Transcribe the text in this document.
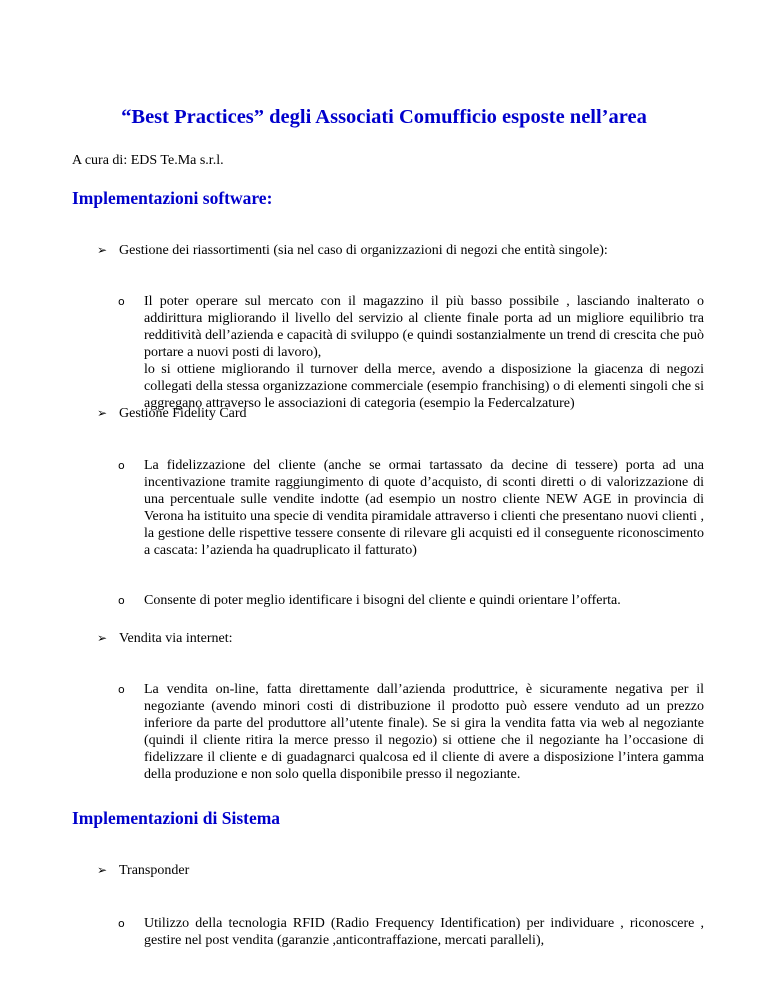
“Best Practices” degli Associati Comufficio esposte nell’area

A cura di: EDS Te.Ma s.r.l.

Implementazioni software:
➢ Gestione dei riassortimenti (sia nel caso di organizzazioni di negozi che entità singole):
o Il poter operare sul mercato con il magazzino il più basso possibile , lasciando inalterato o addirittura migliorando il livello del servizio al cliente finale porta ad un migliore equilibrio tra redditività dell’azienda e capacità di sviluppo (e quindi sostanzialmente un trend di crescita che può portare a nuovi posti di lavoro),
lo si ottiene migliorando il turnover della merce, avendo a disposizione la giacenza di negozi collegati della stessa organizzazione commerciale (esempio franchising) o di elementi singoli che si aggregano attraverso le associazioni di categoria (esempio la Federcalzature)
➢ Gestione Fidelity Card
o La fidelizzazione del cliente (anche se ormai tartassato da decine di tessere) porta ad una incentivazione tramite raggiungimento di quote d’acquisto, di sconti diretti o di valorizzazione di una percentuale sulle vendite indotte (ad esempio un nostro cliente NEW AGE in provincia di Verona ha istituito una specie di vendita piramidale attraverso i clienti che presentano nuovi clienti , la gestione delle rispettive tessere consente di rilevare gli acquisti ed il conseguente riconoscimento a cascata: l’azienda ha quadruplicato il fatturato)
o Consente di poter meglio identificare i bisogni del cliente e quindi orientare l’offerta.
➢ Vendita via internet:
o La vendita on-line, fatta direttamente dall’azienda produttrice, è sicuramente negativa per il negoziante (avendo minori costi di distribuzione il prodotto può essere venduto ad un prezzo inferiore da parte del produttore all’utente finale). Se si gira la vendita fatta via web al negoziante (quindi il cliente ritira la merce presso il negozio) si ottiene che il negoziante ha l’occasione di fidelizzare il cliente e di guadagnarci qualcosa ed il cliente di avere a disposizione l’intera gamma della produzione e non solo quella disponibile presso il negoziante.
Implementazioni di Sistema
➢ Transponder
o Utilizzo della tecnologia RFID (Radio Frequency Identification) per individuare , riconoscere , gestire nel post vendita (garanzie ,anticontraffazione, mercati paralleli),
